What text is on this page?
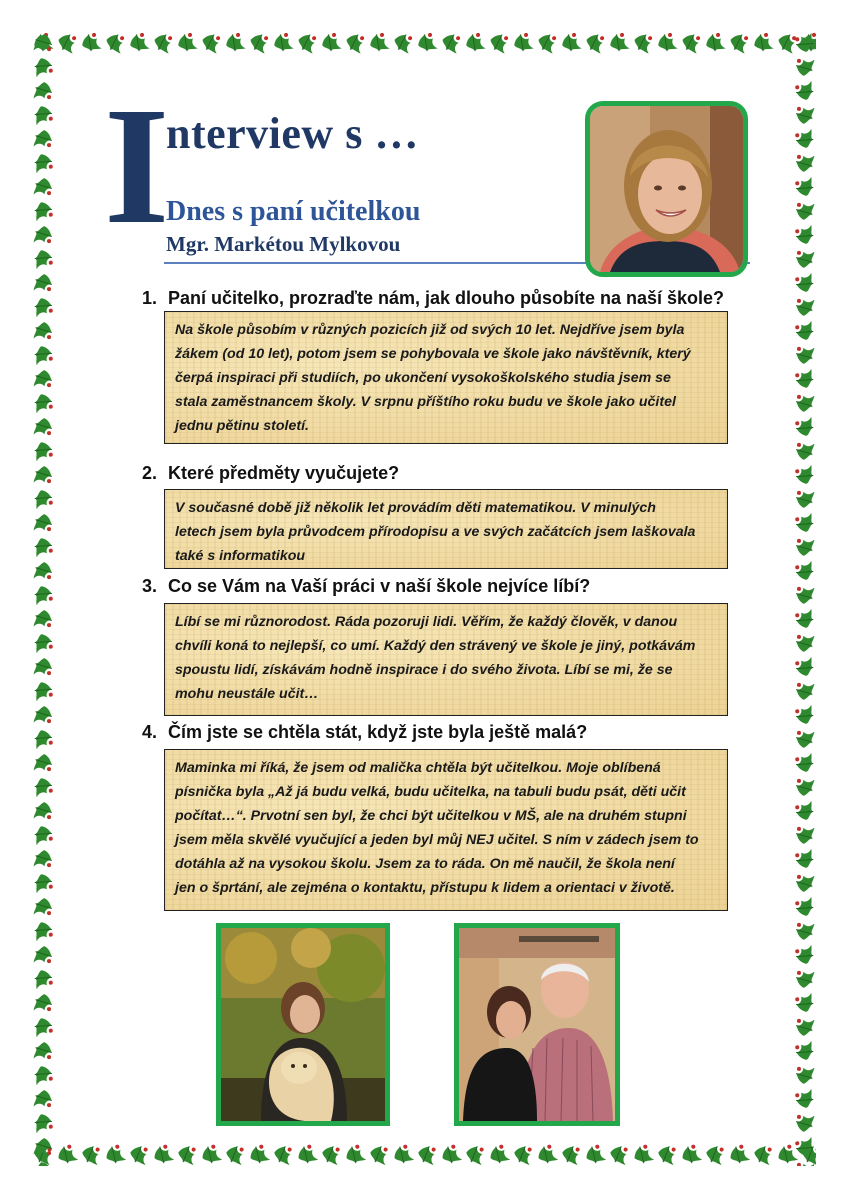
I
nterview s …
Dnes s paní učitelkou
Mgr. Markétou Mylkovou
1. Paní učitelko, prozraďte nám, jak dlouho působíte na naší škole?
Na škole působím v různých pozicích již od svých 10 let. Nejdříve jsem byla
žákem (od 10 let), potom jsem se pohybovala ve škole jako návštěvník, který
čerpá inspiraci při studiích, po ukončení vysokoškolského studia jsem se
stala zaměstnancem školy. V srpnu příštího roku budu ve škole jako učitel
jednu pětinu století.
2. Které předměty vyučujete?
V současné době již několik let provádím děti matematikou. V minulých
letech jsem byla průvodcem přírodopisu a ve svých začátcích jsem laškovala
také s informatikou
3. Co se Vám na Vaší práci v naší škole nejvíce líbí?
Líbí se mi různorodost. Ráda pozoruji lidi. Věřím, že každý člověk, v danou
chvíli koná to nejlepší, co umí. Každý den strávený ve škole je jiný, potkávám
spoustu lidí, získávám hodně inspirace i do svého života. Líbí se mi, že se
mohu neustále učit…
4. Čím jste se chtěla stát, když jste byla ještě malá?
Maminka mi říká, že jsem od malička chtěla být učitelkou. Moje oblíbená
písnička byla „Až já budu velká, budu učitelka, na tabuli budu psát, děti učit
počítat…“. Prvotní sen byl, že chci být učitelkou v MŠ, ale na druhém stupni
jsem měla skvělé vyučující a jeden byl můj NEJ učitel. S ním v zádech jsem to
dotáhla až na vysokou školu. Jsem za to ráda. On mě naučil, že škola není
jen o šprtání, ale zejména o kontaktu, přístupu k lidem a orientaci v životě.
